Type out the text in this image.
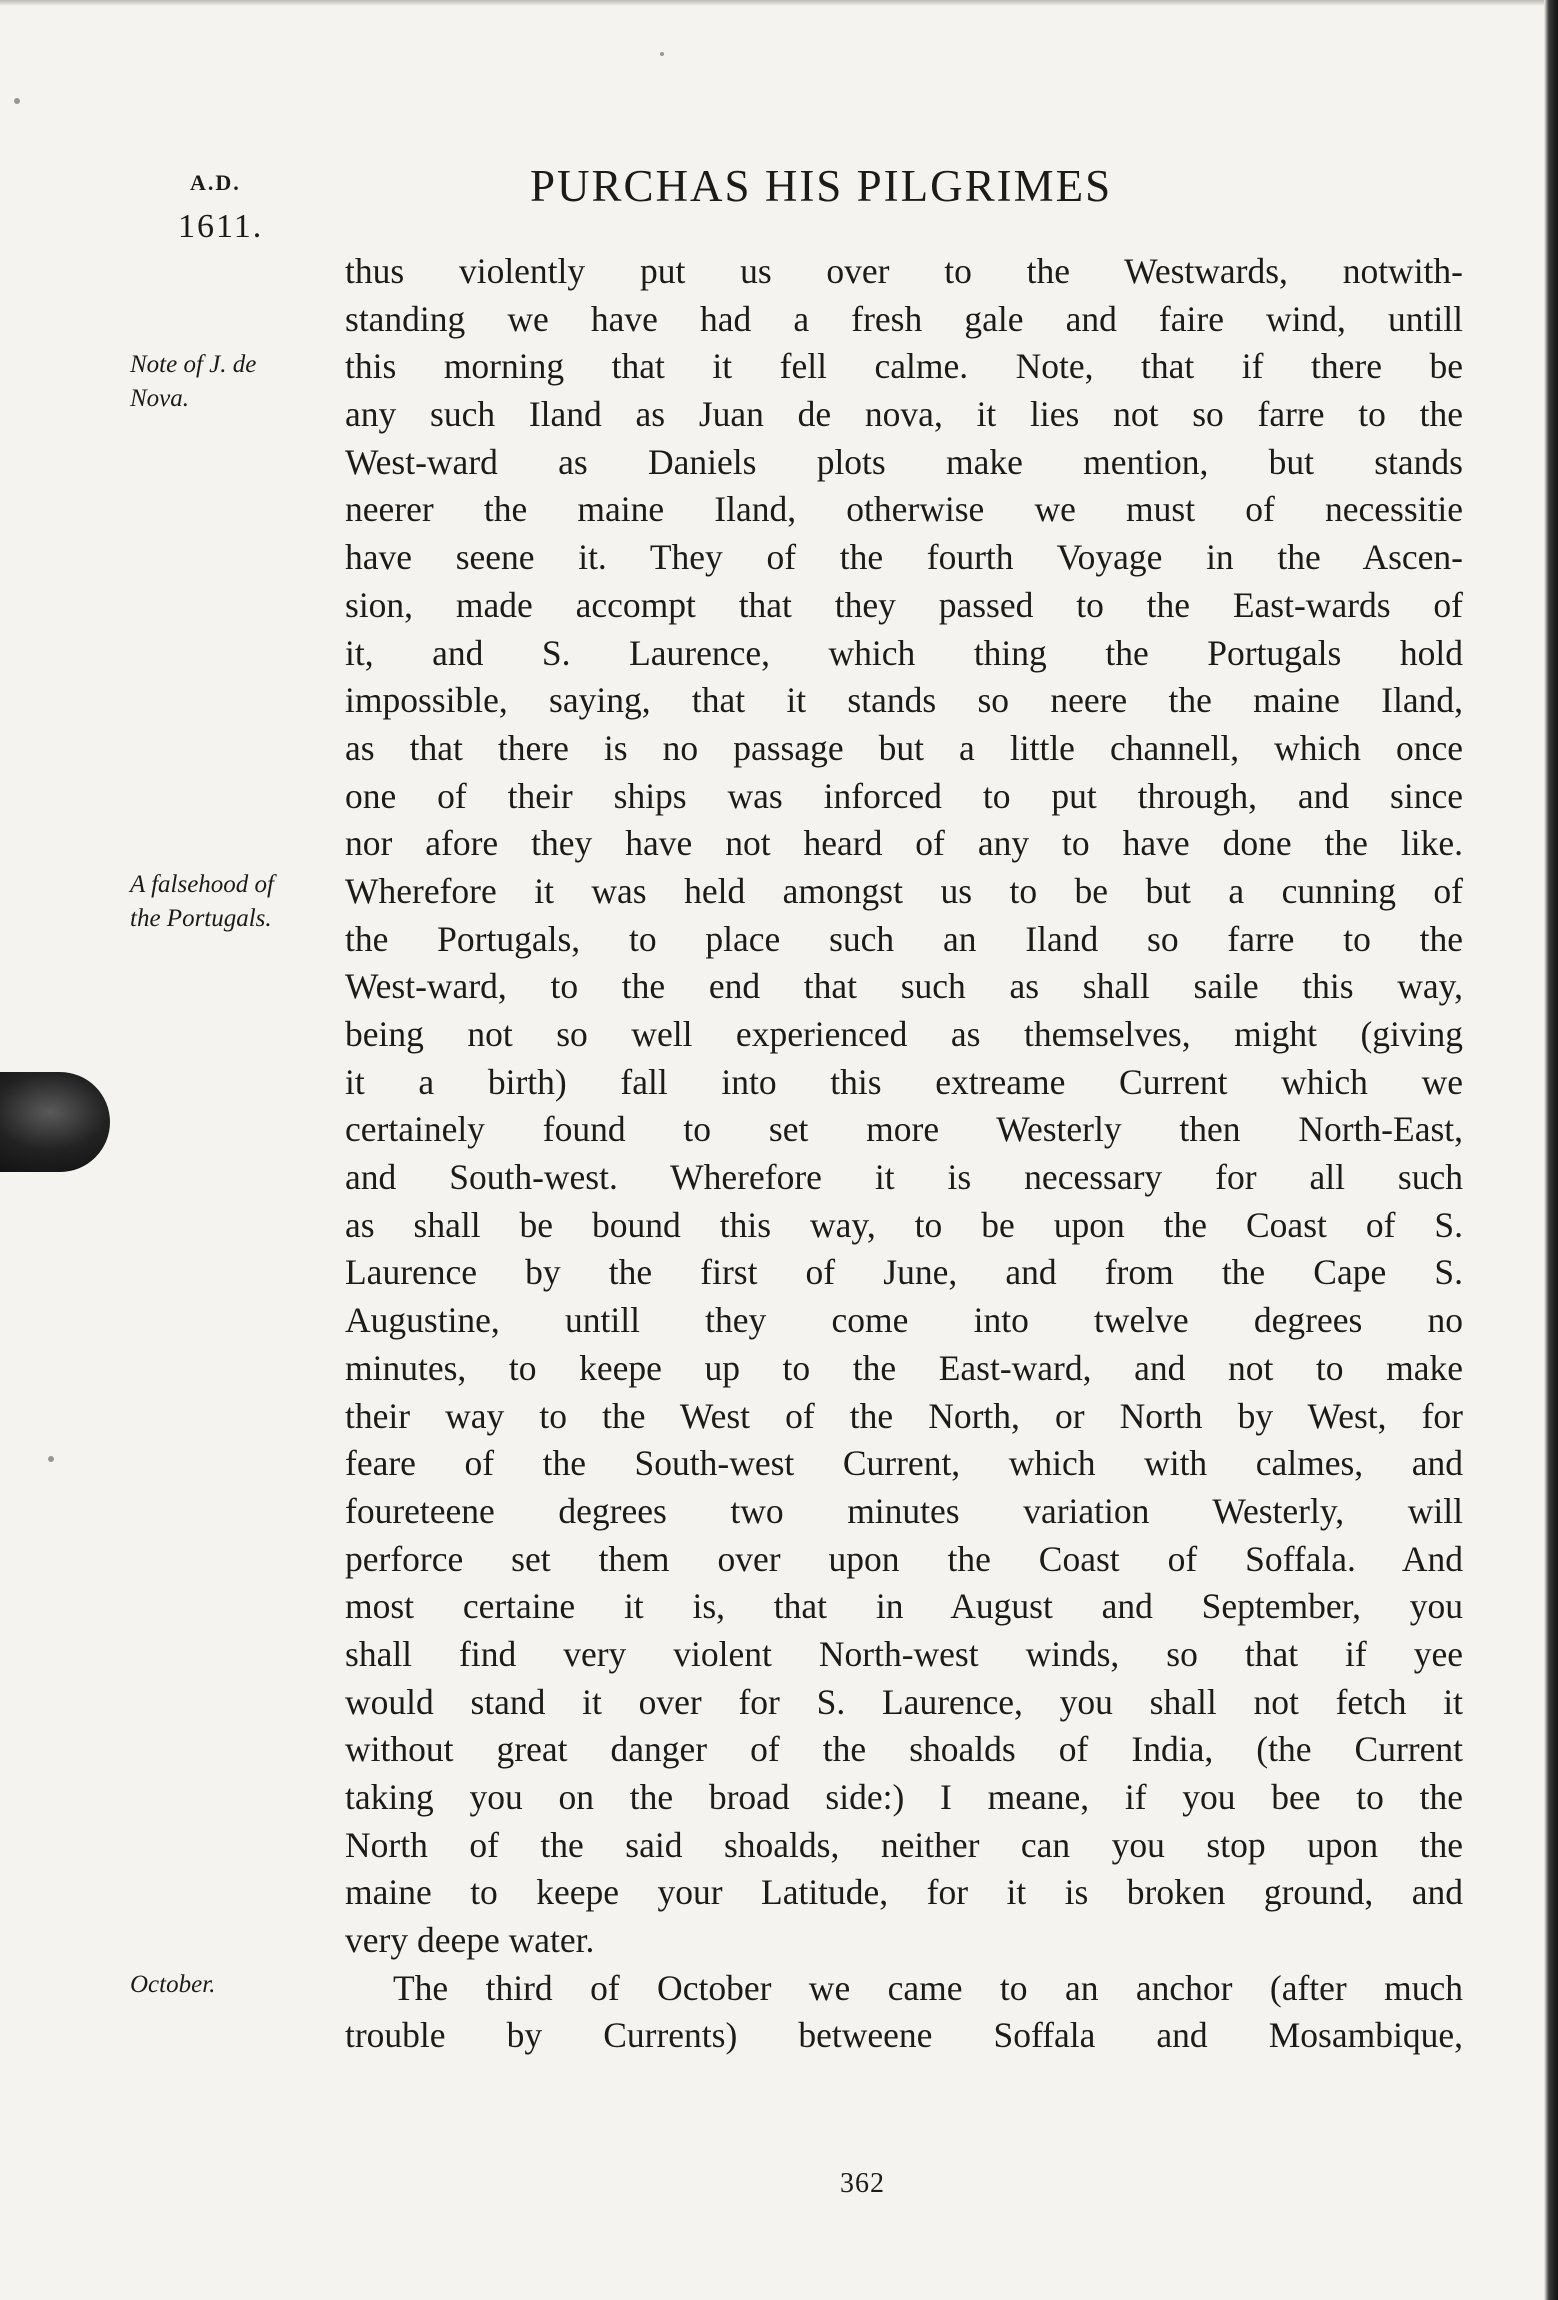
A.D.
1611.
PURCHAS HIS PILGRIMES
Note of J. de
Nova.
A falsehood of
the Portugals.
October.
thus violently put us over to the Westwards, notwith-
standing we have had a fresh gale and faire wind, untill
this morning that it fell calme. Note, that if there be
any such Iland as Juan de nova, it lies not so farre to the
West-ward as Daniels plots make mention, but stands
neerer the maine Iland, otherwise we must of necessitie
have seene it. They of the fourth Voyage in the Ascen-
sion, made accompt that they passed to the East-wards of
it, and S. Laurence, which thing the Portugals hold
impossible, saying, that it stands so neere the maine Iland,
as that there is no passage but a little channell, which once
one of their ships was inforced to put through, and since
nor afore they have not heard of any to have done the like.
Wherefore it was held amongst us to be but a cunning of
the Portugals, to place such an Iland so farre to the
West-ward, to the end that such as shall saile this way,
being not so well experienced as themselves, might (giving
it a birth) fall into this extreame Current which we
certainely found to set more Westerly then North-East,
and South-west. Wherefore it is necessary for all such
as shall be bound this way, to be upon the Coast of S.
Laurence by the first of June, and from the Cape S.
Augustine, untill they come into twelve degrees no
minutes, to keepe up to the East-ward, and not to make
their way to the West of the North, or North by West, for
feare of the South-west Current, which with calmes, and
foureteene degrees two minutes variation Westerly, will
perforce set them over upon the Coast of Soffala. And
most certaine it is, that in August and September, you
shall find very violent North-west winds, so that if yee
would stand it over for S. Laurence, you shall not fetch it
without great danger of the shoalds of India, (the Current
taking you on the broad side:) I meane, if you bee to the
North of the said shoalds, neither can you stop upon the
maine to keepe your Latitude, for it is broken ground, and
very deepe water.
The third of October we came to an anchor (after much
trouble by Currents) betweene Soffala and Mosambique,
362
